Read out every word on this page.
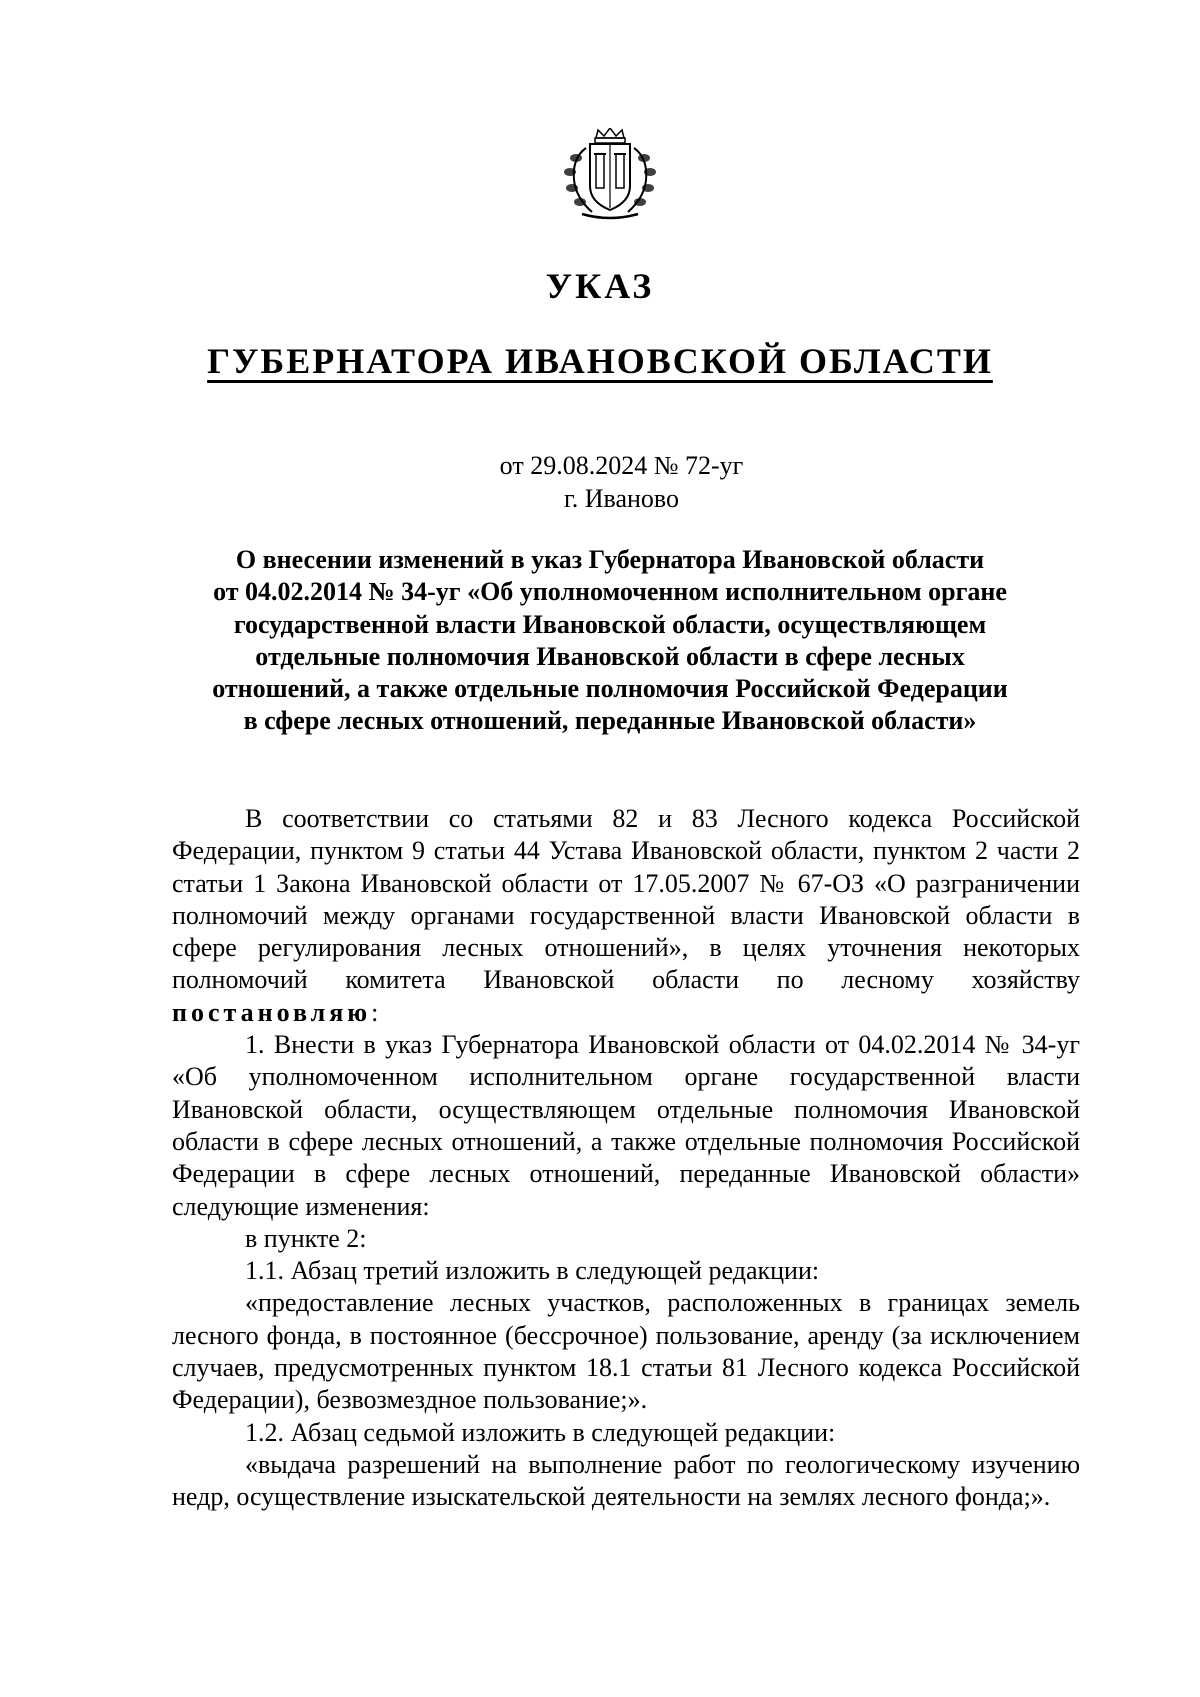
УКАЗ
ГУБЕРНАТОРА ИВАНОВСКОЙ ОБЛАСТИ
от 29.08.2024 № 72-уг
г. Иваново
О внесении изменений в указ Губернатора Ивановской области
от 04.02.2014 № 34-уг «Об уполномоченном исполнительном органе
государственной власти Ивановской области, осуществляющем
отдельные полномочия Ивановской области в сфере лесных
отношений, а также отдельные полномочия Российской Федерации
в сфере лесных отношений, переданные Ивановской области»

В соответствии со статьями 82 и 83 Лесного кодекса Российской Федерации, пунктом 9 статьи 44 Устава Ивановской области, пунктом 2 части 2 статьи 1 Закона Ивановской области от 17.05.2007 № 67-ОЗ «О разграничении полномочий между органами государственной власти Ивановской области в сфере регулирования лесных отношений», в целях уточнения некоторых полномочий комитета Ивановской области по лесному хозяйству постановляю:

1. Внести в указ Губернатора Ивановской области от 04.02.2014 № 34-уг «Об уполномоченном исполнительном органе государственной власти Ивановской области, осуществляющем отдельные полномочия Ивановской области в сфере лесных отношений, а также отдельные полномочия Российской Федерации в сфере лесных отношений, переданные Ивановской области» следующие изменения:

в пункте 2:

1.1. Абзац третий изложить в следующей редакции:

«предоставление лесных участков, расположенных в границах земель лесного фонда, в постоянное (бессрочное) пользование, аренду (за исключением случаев, предусмотренных пунктом 18.1 статьи 81 Лесного кодекса Российской Федерации), безвозмездное пользование;».

1.2. Абзац седьмой изложить в следующей редакции:

«выдача разрешений на выполнение работ по геологическому изучению недр, осуществление изыскательской деятельности на землях лесного фонда;».
